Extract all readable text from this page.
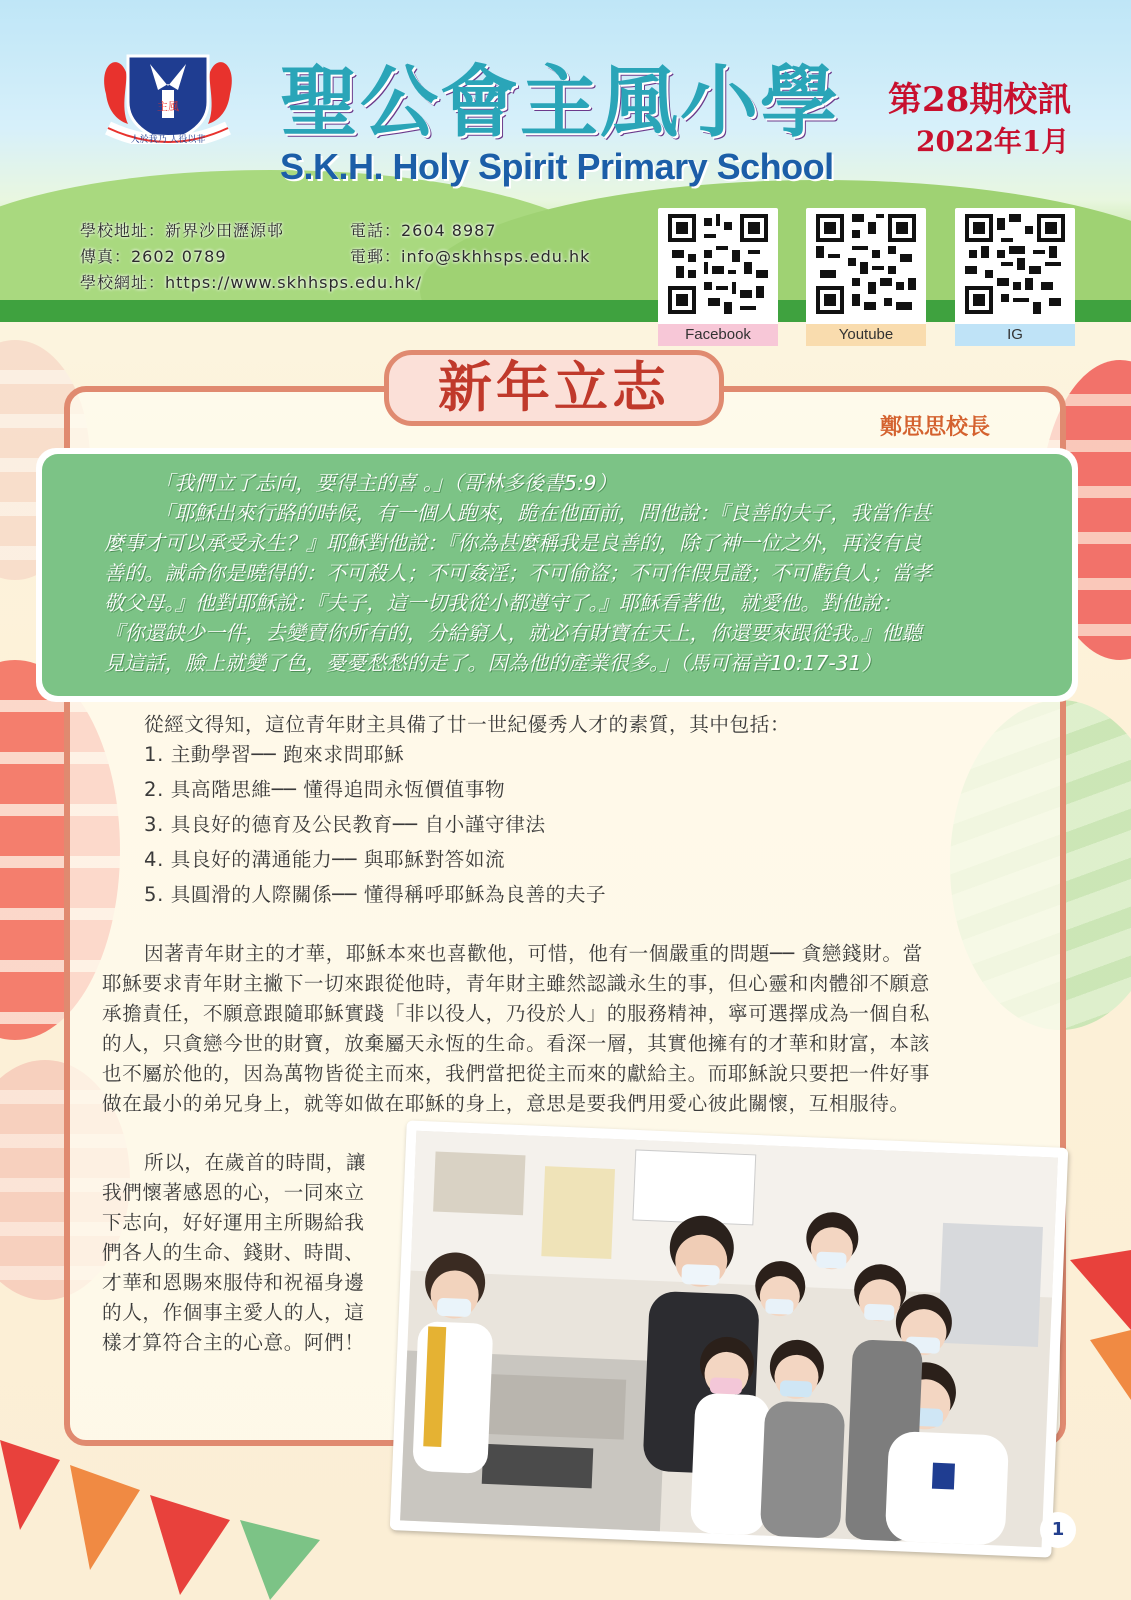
主風
人於我乃 人役以非 聖公會主風小學
S.K.H. Holy Spirit Primary School
第28期校訊
2022年1月
學校地址：新界沙田瀝源邨
傳真：2602 0789
學校網址：https://www.skhhsps.edu.hk/
電話：2604 8987
電郵：info@skhhsps.edu.hk
Facebook	Youtube	IG
新年立志
鄭思思校長

「我們立了志向，要得主的喜 。」（哥林多後書5:9）

「耶穌出來行路的時候，有一個人跑來，跪在他面前，問他說：『良善的夫子，我當作甚

麼事才可以承受永生？』耶穌對他說：『你為甚麼稱我是良善的，除了神一位之外，再沒有良

善的。誡命你是曉得的：不可殺人；不可姦淫；不可偷盜；不可作假見證；不可虧負人；當孝

敬父母。』他對耶穌說：『夫子，這一切我從小都遵守了。』耶穌看著他，就愛他。對他說：

『你還缺少一件，去變賣你所有的，分給窮人，就必有財寶在天上，你還要來跟從我。』他聽

見這話，臉上就變了色，憂憂愁愁的走了。因為他的產業很多。」（馬可福音10:17-31）

從經文得知，這位青年財主具備了廿一世紀優秀人才的素質，其中包括：
1. 主動學習── 跑來求問耶穌
2. 具高階思維── 懂得追問永恆價值事物
3. 具良好的德育及公民教育── 自小謹守律法
4. 具良好的溝通能力── 與耶穌對答如流
5. 具圓滑的人際關係── 懂得稱呼耶穌為良善的夫子
因著青年財主的才華，耶穌本來也喜歡他，可惜，他有一個嚴重的問題── 貪戀錢財。當
耶穌要求青年財主撇下一切來跟從他時，青年財主雖然認識永生的事，但心靈和肉體卻不願意
承擔責任，不願意跟隨耶穌實踐「非以役人，乃役於人」的服務精神，寧可選擇成為一個自私
的人，只貪戀今世的財寶，放棄屬天永恆的生命。看深一層，其實他擁有的才華和財富，本該
也不屬於他的，因為萬物皆從主而來，我們當把從主而來的獻給主。而耶穌說只要把一件好事
做在最小的弟兄身上，就等如做在耶穌的身上，意思是要我們用愛心彼此關懷，互相服待。
所以，在歲首的時間，讓
我們懷著感恩的心，一同來立
下志向，好好運用主所賜給我
們各人的生命、錢財、時間、
才華和恩賜來服侍和祝福身邊
的人，作個事主愛人的人，這
樣才算符合主的心意。阿們！
1
